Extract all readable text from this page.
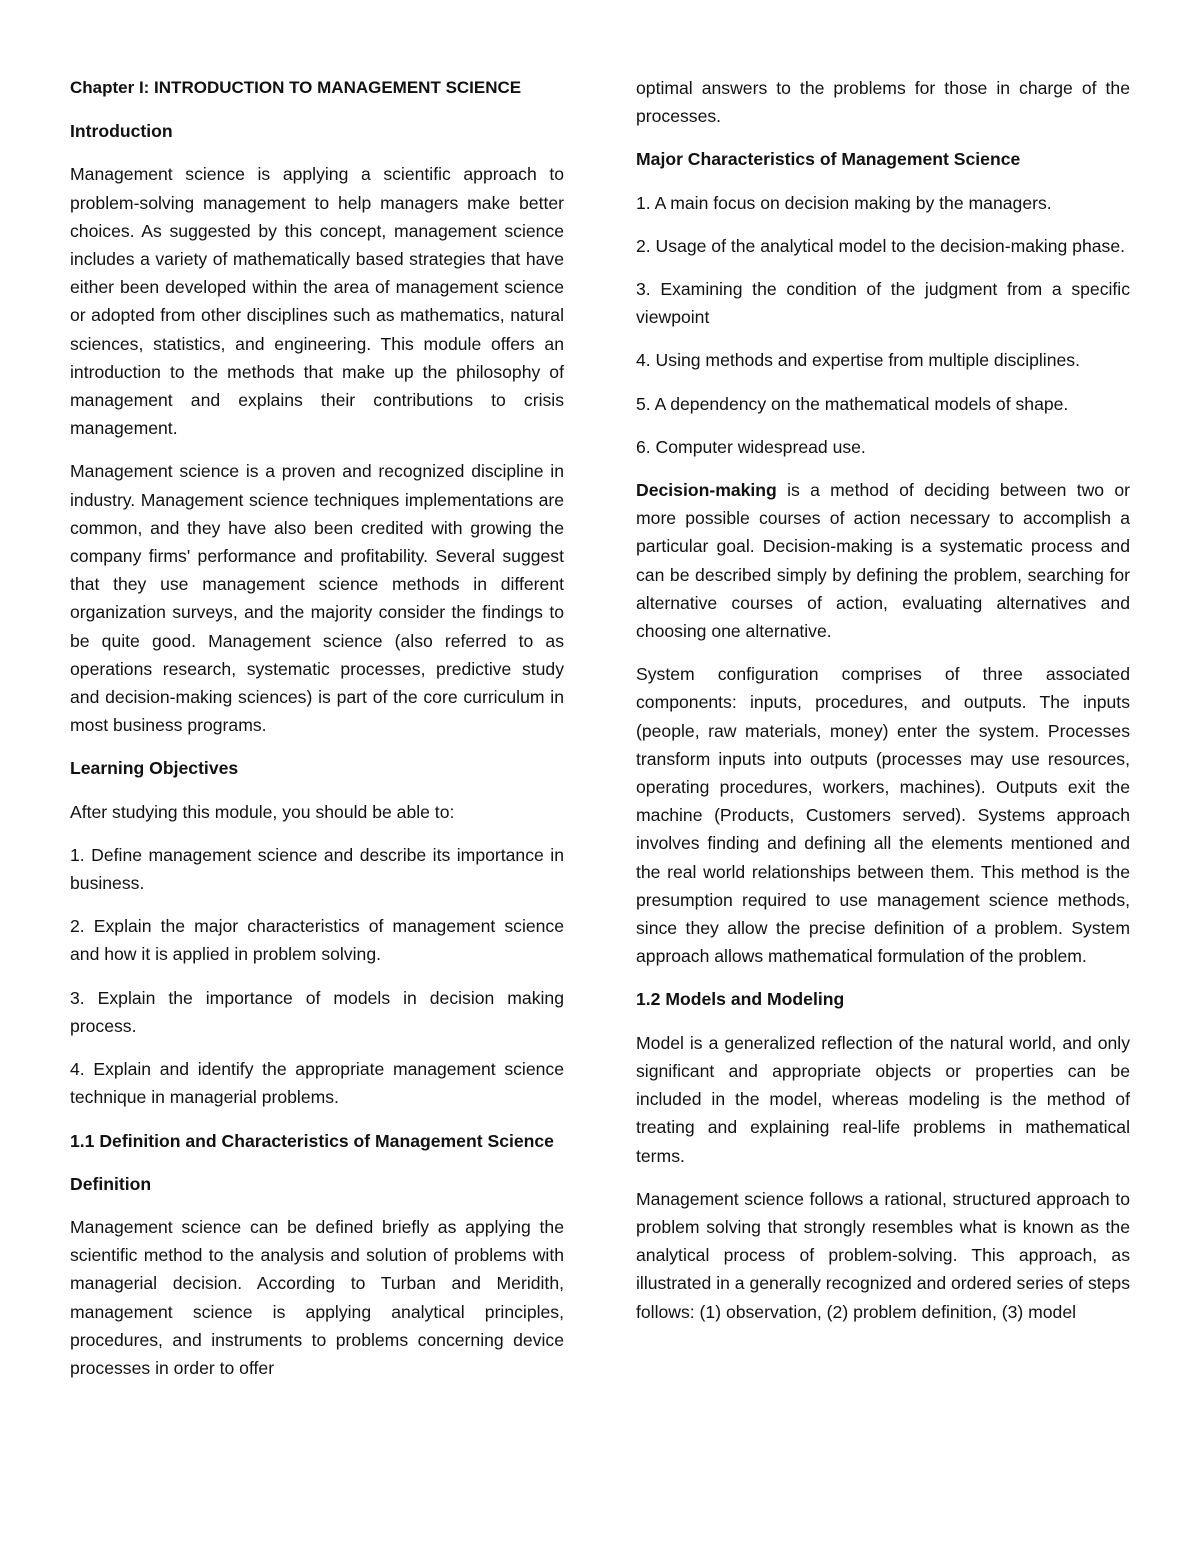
Chapter I: INTRODUCTION TO MANAGEMENT SCIENCE

Introduction

Management science is applying a scientific approach to problem-solving management to help managers make better choices. As suggested by this concept, management science includes a variety of mathematically based strategies that have either been developed within the area of management science or adopted from other disciplines such as mathematics, natural sciences, statistics, and engineering. This module offers an introduction to the methods that make up the philosophy of management and explains their contributions to crisis management.

Management science is a proven and recognized discipline in industry. Management science techniques implementations are common, and they have also been credited with growing the company firms' performance and profitability. Several suggest that they use management science methods in different organization surveys, and the majority consider the findings to be quite good. Management science (also referred to as operations research, systematic processes, predictive study and decision-making sciences) is part of the core curriculum in most business programs.

Learning Objectives

After studying this module, you should be able to:

1. Define management science and describe its importance in business.

2. Explain the major characteristics of management science and how it is applied in problem solving.

3. Explain the importance of models in decision making process.

4. Explain and identify the appropriate management science technique in managerial problems.

1.1 Definition and Characteristics of Management Science

Definition

Management science can be defined briefly as applying the scientific method to the analysis and solution of problems with managerial decision. According to Turban and Meridith, management science is applying analytical principles, procedures, and instruments to problems concerning device processes in order to offer

optimal answers to the problems for those in charge of the processes.

Major Characteristics of Management Science

1. A main focus on decision making by the managers.

2. Usage of the analytical model to the decision-making phase.

3. Examining the condition of the judgment from a specific viewpoint

4. Using methods and expertise from multiple disciplines.

5. A dependency on the mathematical models of shape.

6. Computer widespread use.

Decision-making is a method of deciding between two or more possible courses of action necessary to accomplish a particular goal. Decision-making is a systematic process and can be described simply by defining the problem, searching for alternative courses of action, evaluating alternatives and choosing one alternative.

System configuration comprises of three associated components: inputs, procedures, and outputs. The inputs (people, raw materials, money) enter the system. Processes transform inputs into outputs (processes may use resources, operating procedures, workers, machines). Outputs exit the machine (Products, Customers served). Systems approach involves finding and defining all the elements mentioned and the real world relationships between them. This method is the presumption required to use management science methods, since they allow the precise definition of a problem. System approach allows mathematical formulation of the problem.

1.2 Models and Modeling

Model is a generalized reflection of the natural world, and only significant and appropriate objects or properties can be included in the model, whereas modeling is the method of treating and explaining real-life problems in mathematical terms.

Management science follows a rational, structured approach to problem solving that strongly resembles what is known as the analytical process of problem-solving. This approach, as illustrated in a generally recognized and ordered series of steps follows: (1) observation, (2) problem definition, (3) model
